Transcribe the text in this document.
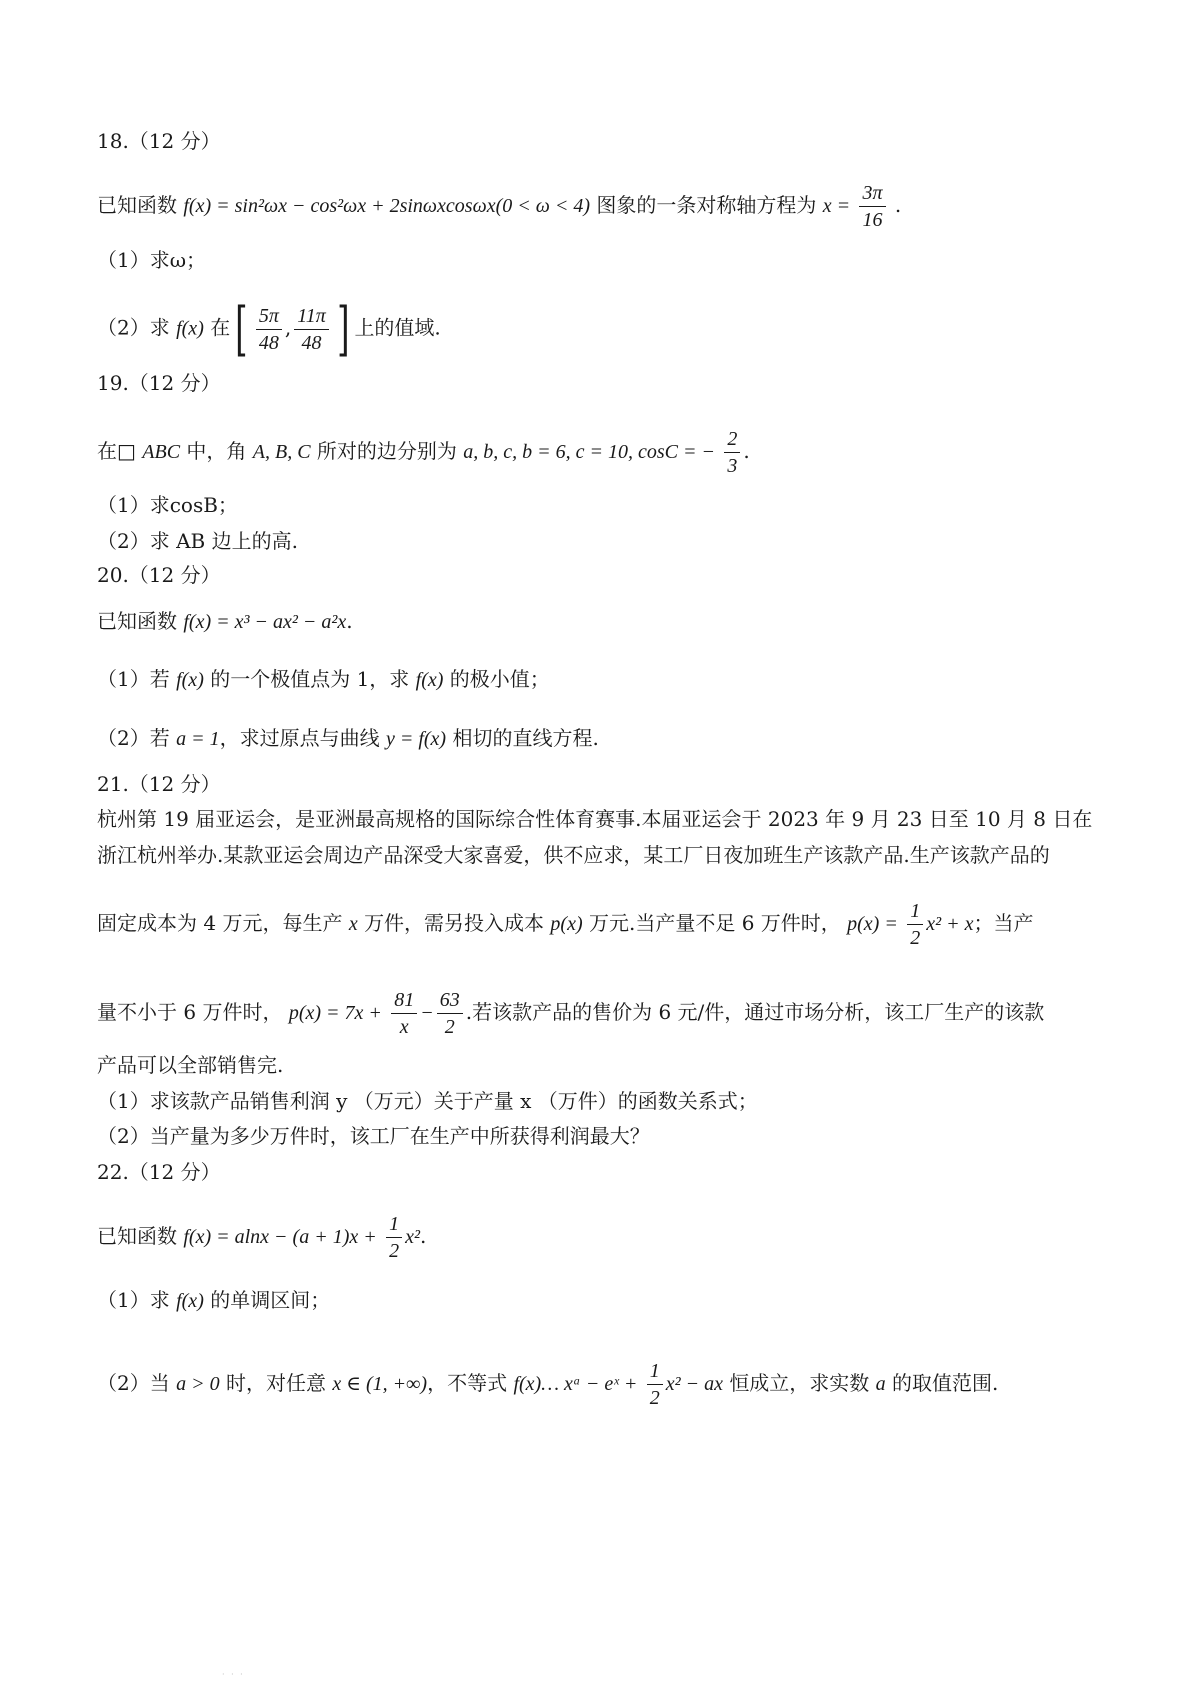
18.（12 分）
已知函数 f(x) = sin²ωx − cos²ωx + 2sinωxcosωx(0 < ω < 4) 图象的一条对称轴方程为 $x = \frac{3\pi}{16}$ .
（1）求ω；
（2）求 f(x) 在[ $\frac{5\pi}{48}$ , $\frac{11\pi}{48}$ ] 上的值域.
19.（12 分）
在□ ABC 中，角 A, B, C 所对的边分别为 a, b, c, b = 6, c = 10, cosC = − $\frac{2}{3}$ .
（1）求cosB；
（2）求 AB 边上的高.
20.（12 分）
已知函数 f(x) = x³ − ax² − a²x.
（1）若 f(x) 的一个极值点为 1，求 f(x) 的极小值；
（2）若 a = 1，求过原点与曲线 y = f(x) 相切的直线方程.
21.（12 分）
杭州第 19 届亚运会，是亚洲最高规格的国际综合性体育赛事.本届亚运会于 2023 年 9 月 23 日至 10 月 8 日在
浙江杭州举办.某款亚运会周边产品深受大家喜爱，供不应求，某工厂日夜加班生产该款产品.生产该款产品的
固定成本为 4 万元，每生产 x 万件，需另投入成本 p(x) 万元.当产量不足 6 万件时， $p(x) = \frac{1}{2} x^2 + x$；当产
量不小于 6 万件时， $p(x) = 7x + \frac{81}{x} - \frac{63}{2}$ .若该款产品的售价为 6 元/件，通过市场分析，该工厂生产的该款
产品可以全部销售完.
（1）求该款产品销售利润 y （万元）关于产量 x （万件）的函数关系式；
（2）当产量为多少万件时，该工厂在生产中所获得利润最大？
22.（12 分）
已知函数 $f(x) = alnx - (a + 1)x + \frac{1}{2} x^2$.
（1）求 f(x) 的单调区间；
（2）当 a > 0 时，对任意 x ∈ (1, +∞)，不等式 f(x)… xᵃ − eˣ + $\frac{1}{2} x^2$ − ax 恒成立，求实数 a 的取值范围.
· · ·
